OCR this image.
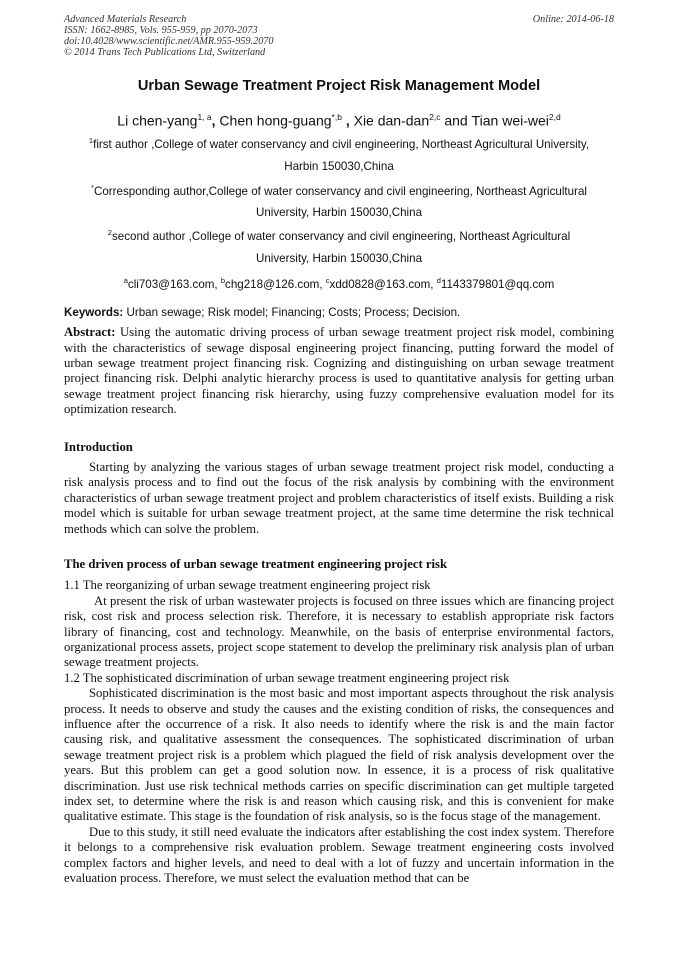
Advanced Materials Research	Online: 2014-06-18
ISSN: 1662-8985, Vols. 955-959, pp 2070-2073
doi:10.4028/www.scientific.net/AMR.955-959.2070
© 2014 Trans Tech Publications Ltd, Switzerland
Urban Sewage Treatment Project Risk Management Model
Li chen-yang$^{1, a}$, Chen hong-guang$^{*,b}$ , Xie dan-dan$^{2,c}$ and Tian wei-wei$^{2,d}$
$^1$first author ,College of water conservancy and civil engineering, Northeast Agricultural University,
Harbin 150030,China
*Corresponding author,College of water conservancy and civil engineering, Northeast Agricultural
University, Harbin 150030,China
$^2$second author ,College of water conservancy and civil engineering, Northeast Agricultural
University, Harbin 150030,China
$^a$cli703@163.com, $^b$chg218@126.com, $^c$xdd0828@163.com, $^d$1143379801@qq.com
Keywords: Urban sewage; Risk model; Financing; Costs; Process; Decision.

Abstract: Using the automatic driving process of urban sewage treatment project risk model, combining with the characteristics of sewage disposal engineering project financing, putting forward the model of urban sewage treatment project financing risk. Cognizing and distinguishing on urban sewage treatment project financing risk. Delphi analytic hierarchy process is used to quantitative analysis for getting urban sewage treatment project financing risk hierarchy, using fuzzy comprehensive evaluation model for its optimization research.

Introduction

Starting by analyzing the various stages of urban sewage treatment project risk model, conducting a risk analysis process and to find out the focus of the risk analysis by combining with the environment characteristics of urban sewage treatment project and problem characteristics of itself exists. Building a risk model which is suitable for urban sewage treatment project, at the same time determine the risk technical methods which can solve the problem.

The driven process of urban sewage treatment engineering project risk
1.1 The reorganizing of urban sewage treatment engineering project risk

At present the risk of urban wastewater projects is focused on three issues which are financing project risk, cost risk and process selection risk. Therefore, it is necessary to establish appropriate risk factors library of financing, cost and technology. Meanwhile, on the basis of enterprise environmental factors, organizational process assets, project scope statement to develop the preliminary risk analysis plan of urban sewage treatment projects.

1.2 The sophisticated discrimination of urban sewage treatment engineering project risk

Sophisticated discrimination is the most basic and most important aspects throughout the risk analysis process. It needs to observe and study the causes and the existing condition of risks, the consequences and influence after the occurrence of a risk. It also needs to identify where the risk is and the main factor causing risk, and qualitative assessment the consequences. The sophisticated discrimination of urban sewage treatment project risk is a problem which plagued the field of risk analysis development over the years. But this problem can get a good solution now. In essence, it is a process of risk qualitative discrimination. Just use risk technical methods carries on specific discrimination can get multiple targeted index set, to determine where the risk is and reason which causing risk, and this is convenient for make qualitative estimate. This stage is the foundation of risk analysis, so is the focus stage of the management.

Due to this study, it still need evaluate the indicators after establishing the cost index system. Therefore it belongs to a comprehensive risk evaluation problem. Sewage treatment engineering costs involved complex factors and higher levels, and need to deal with a lot of fuzzy and uncertain information in the evaluation process. Therefore, we must select the evaluation method that can be
